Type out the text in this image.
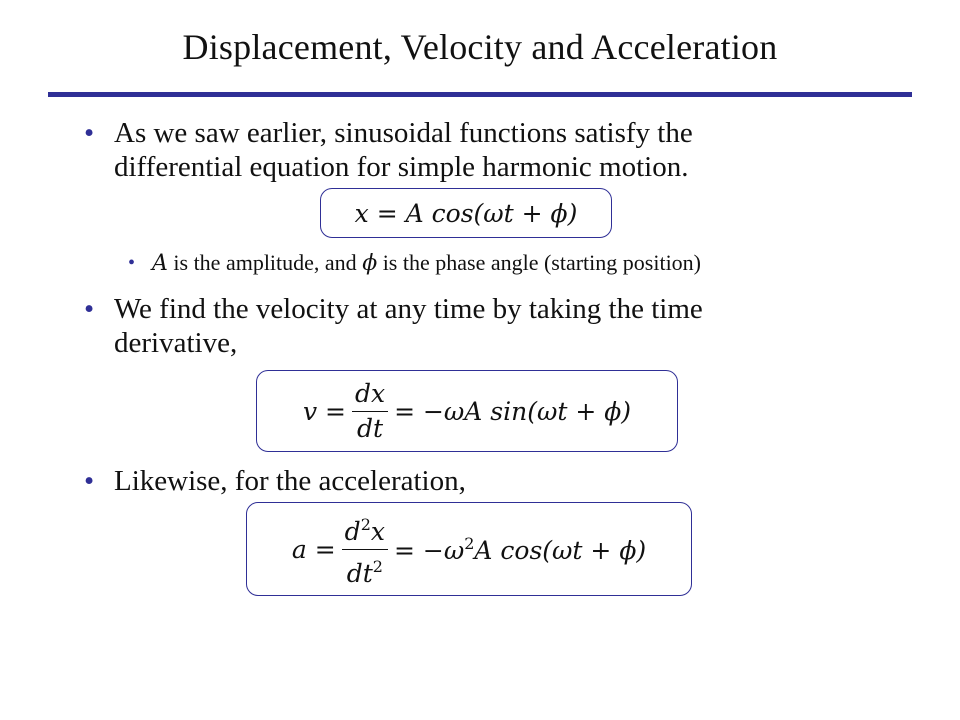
Displacement, Velocity and Acceleration
• As we saw earlier, sinusoidal functions satisfy the
differential equation for simple harmonic motion.
x = A cos(ωt + ϕ)
• A is the amplitude, and ϕ is the phase angle (starting position)
• We find the velocity at any time by taking the time
derivative,
$v = \frac{dx}{dt} = -\omega A$ sin(ωt + ϕ)
• Likewise, for the acceleration,
$a = \frac{d^2x}{dt^2} = -\omega^2A$ cos(ωt + ϕ)
